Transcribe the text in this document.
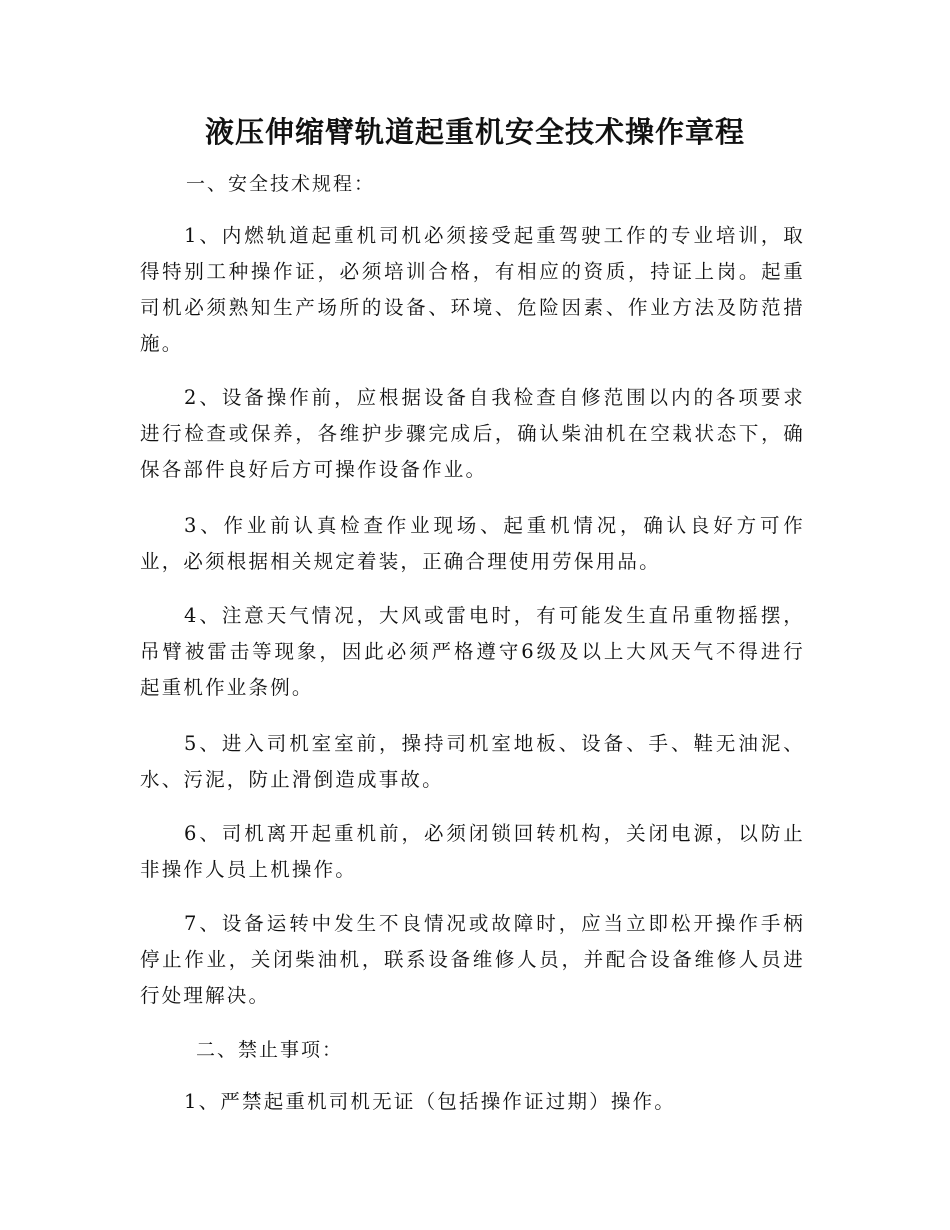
液压伸缩臂轨道起重机安全技术操作章程

一、安全技术规程：

1、内燃轨道起重机司机必须接受起重驾驶工作的专业培训，取得特别工种操作证，必须培训合格，有相应的资质，持证上岗。起重司机必须熟知生产场所的设备、环境、危险因素、作业方法及防范措施。

2、设备操作前，应根据设备自我检查自修范围以内的各项要求进行检查或保养，各维护步骤完成后，确认柴油机在空栽状态下，确保各部件良好后方可操作设备作业。

3、作业前认真检查作业现场、起重机情况，确认良好方可作业，必须根据相关规定着装，正确合理使用劳保用品。

4、注意天气情况，大风或雷电时，有可能发生直吊重物摇摆，吊臂被雷击等现象，因此必须严格遵守6级及以上大风天气不得进行起重机作业条例。

5、进入司机室室前，操持司机室地板、设备、手、鞋无油泥、水、污泥，防止滑倒造成事故。

6、司机离开起重机前，必须闭锁回转机构，关闭电源，以防止非操作人员上机操作。

7、设备运转中发生不良情况或故障时，应当立即松开操作手柄停止作业，关闭柴油机，联系设备维修人员，并配合设备维修人员进行处理解决。

二、禁止事项：

1、严禁起重机司机无证（包括操作证过期）操作。
